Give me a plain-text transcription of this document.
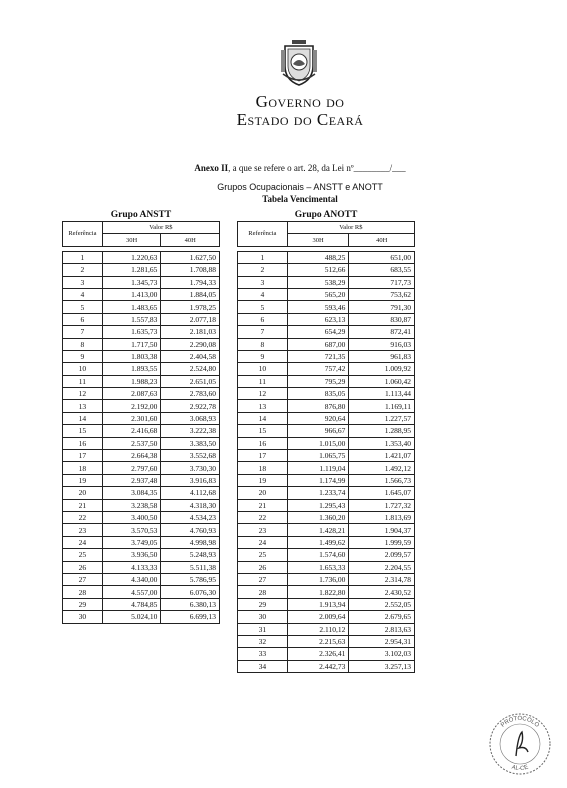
Governo do
Estado do Ceará
Anexo II, a que se refere o art. 28, da Lei nº________/___
Grupos Ocupacionais – ANSTT e ANOTT
Tabela Vencimental
Grupo ANSTT
Referência	Valor R$	
	30H	40H

1	1.220,63	1.627,50
2	1.281,65	1.708,88
3	1.345,73	1.794,33
4	1.413,00	1.884,05
5	1.483,65	1.978,25
6	1.557,83	2.077,18
7	1.635,73	2.181,03
8	1.717,50	2.290,08
9	1.803,38	2.404,58
10	1.893,55	2.524,80
11	1.988,23	2.651,05
12	2.087,63	2.783,60
13	2.192,00	2.922,78
14	2.301,60	3.068,93
15	2.416,68	3.222,38
16	2.537,50	3.383,50
17	2.664,38	3.552,68
18	2.797,60	3.730,30
19	2.937,48	3.916,83
20	3.084,35	4.112,68
21	3.238,58	4.318,30
22	3.400,50	4.534,23
23	3.570,53	4.760,93
24	3.749,05	4.998,98
25	3.936,50	5.248,93
26	4.133,33	5.511,38
27	4.340,00	5.786,95
28	4.557,00	6.076,30
29	4.784,85	6.380,13
30	5.024,10	6.699,13
Grupo ANOTT
Referência	Valor R$	
	30H	40H

1	488,25	651,00
2	512,66	683,55
3	538,29	717,73
4	565,20	753,62
5	593,46	791,30
6	623,13	830,87
7	654,29	872,41
8	687,00	916,03
9	721,35	961,83
10	757,42	1.009,92
11	795,29	1.060,42
12	835,05	1.113,44
13	876,80	1.169,11
14	920,64	1.227,57
15	966,67	1.288,95
16	1.015,00	1.353,40
17	1.065,75	1.421,07
18	1.119,04	1.492,12
19	1.174,99	1.566,73
20	1.233,74	1.645,07
21	1.295,43	1.727,32
22	1.360,20	1.813,69
23	1.428,21	1.904,37
24	1.499,62	1.999,59
25	1.574,60	2.099,57
26	1.653,33	2.204,55
27	1.736,00	2.314,78
28	1.822,80	2.430,52
29	1.913,94	2.552,05
30	2.009,64	2.679,65
31	2.110,12	2.813,63
32	2.215,63	2.954,31
33	2.326,41	3.102,03
34	2.442,73	3.257,13
PROTOCOLO
AL-CE
